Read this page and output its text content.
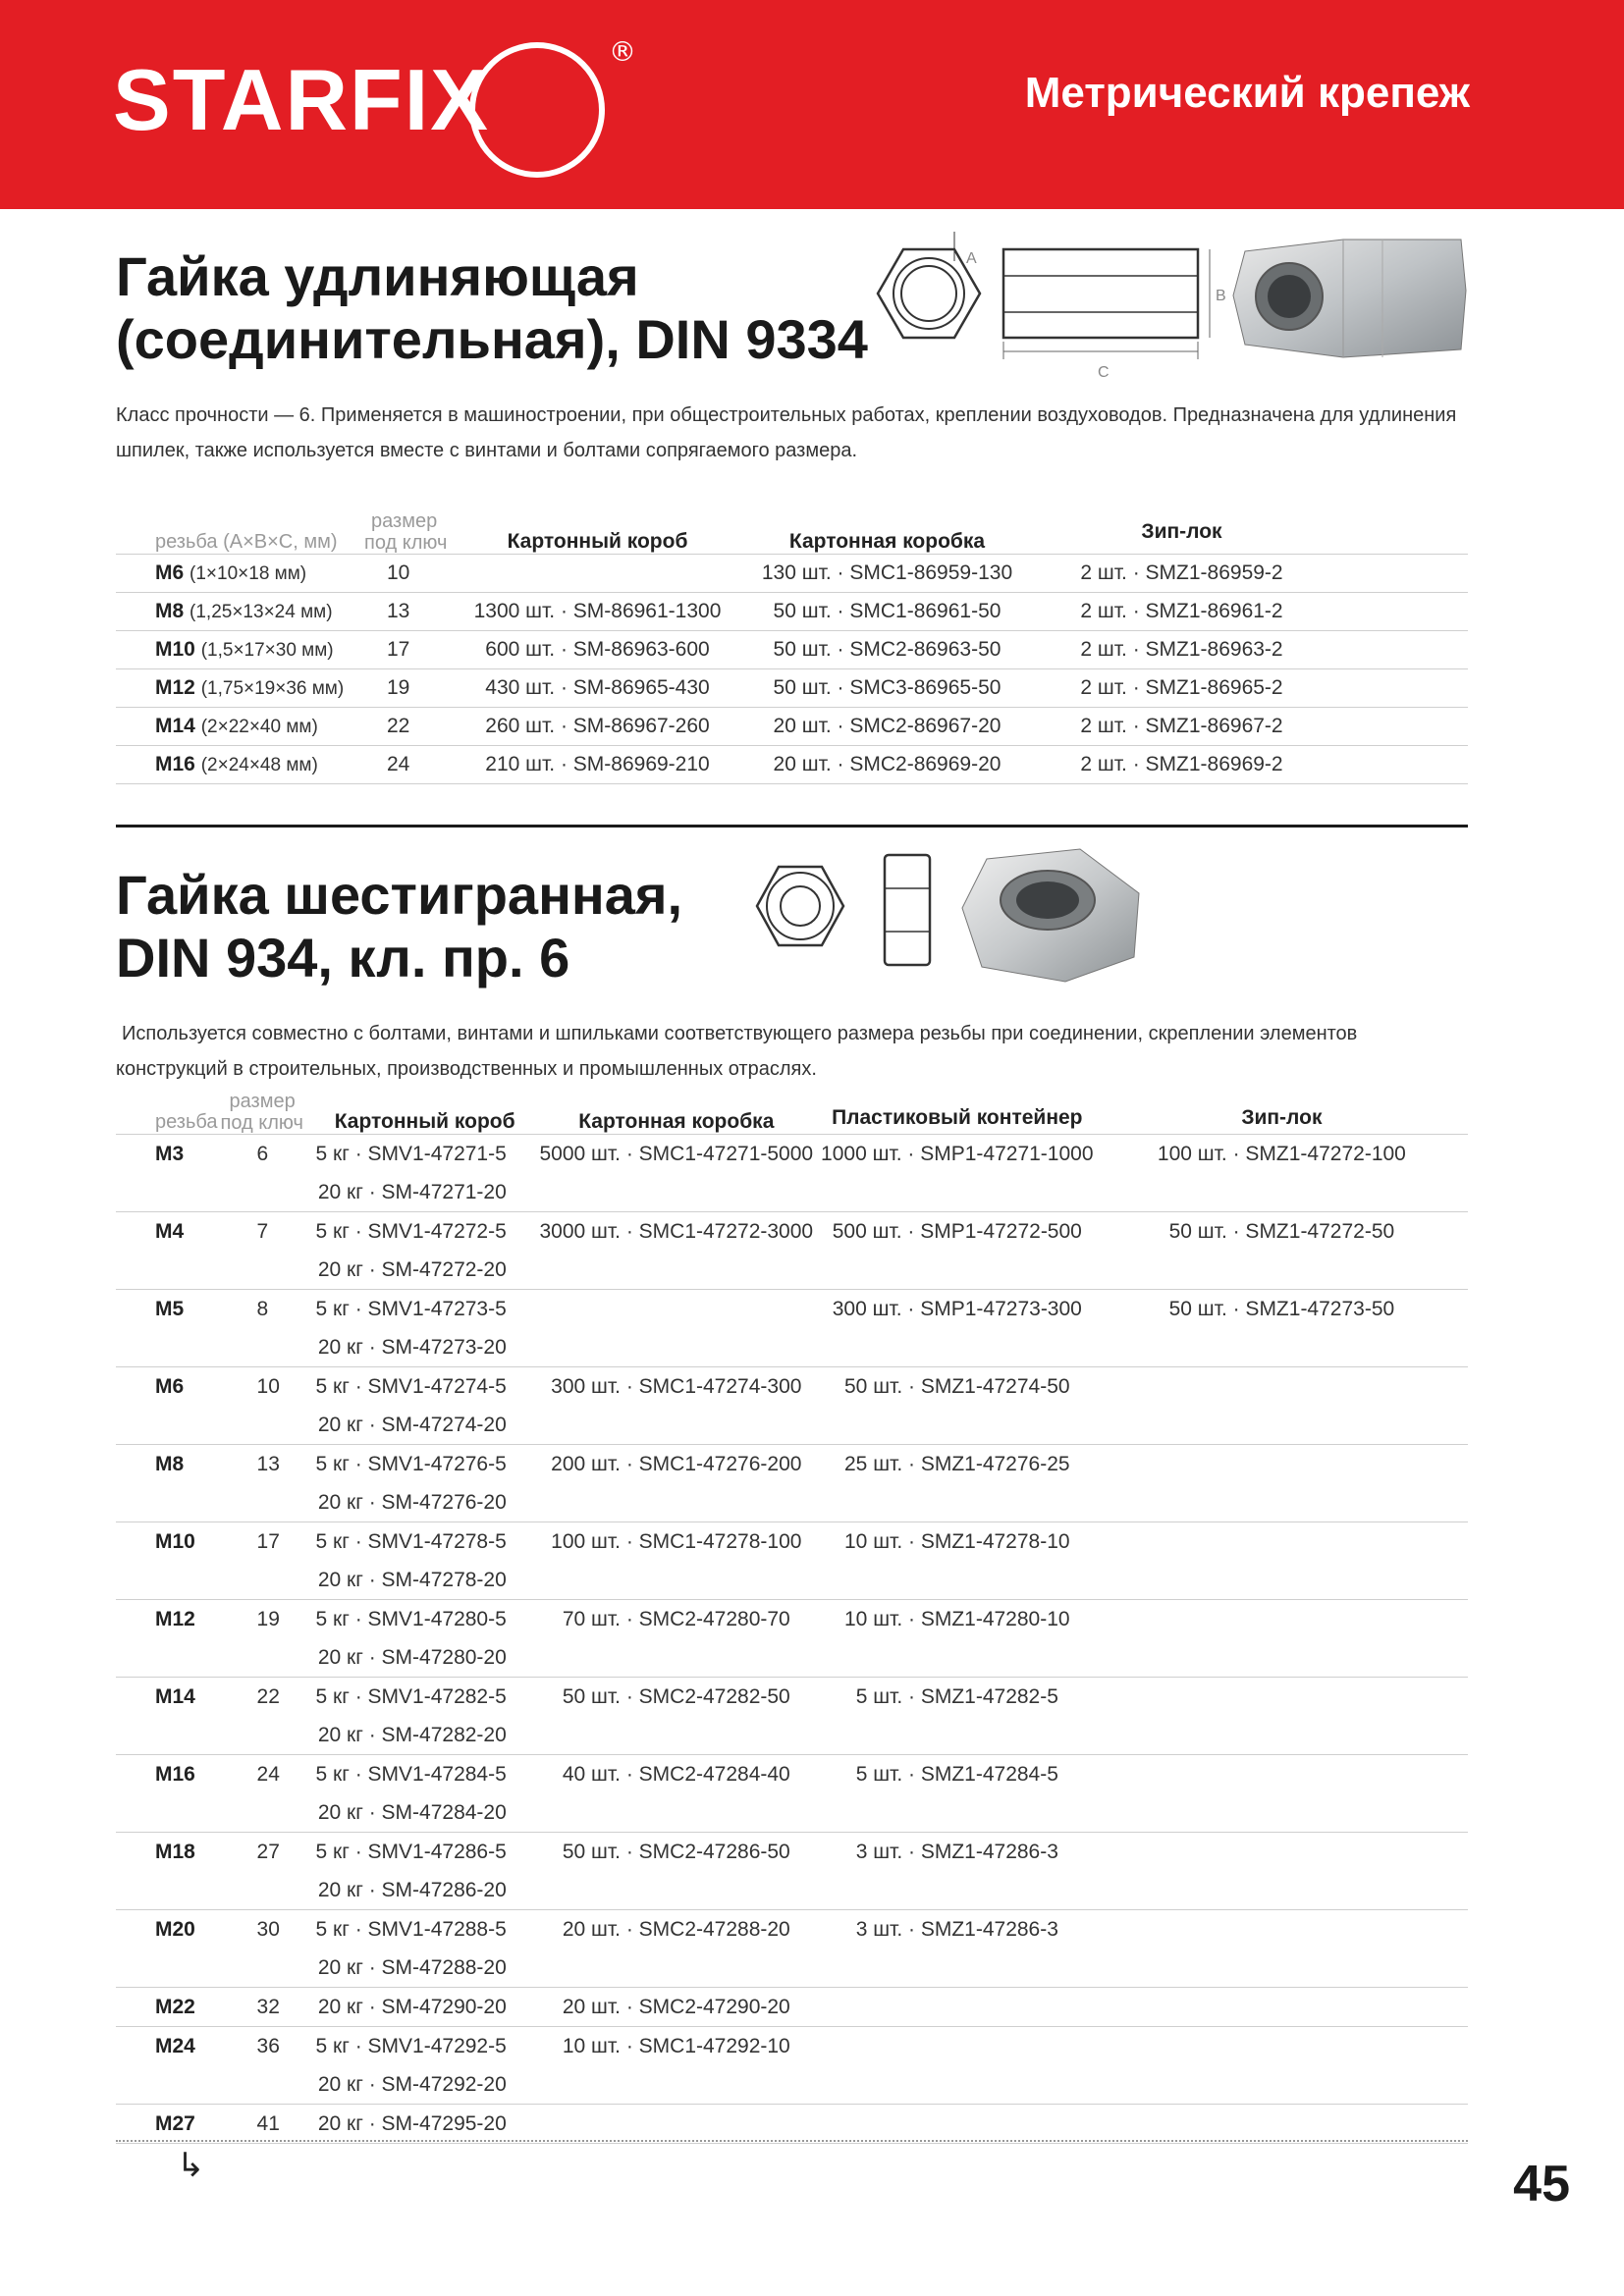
STARFIX	®
Метрический крепеж
Гайка удлиняющая
(соединительная), DIN 9334
A
B
C
Класс прочности — 6. Применяется в машиностроении, при общестроительных работах, креплении воздуховодов. Предназначена для удлинения
шпилек, также используется вместе с винтами и болтами сопрягаемого размера.
резьба (A×B×C, мм)	размер
под ключ	Картонный короб	Картонная коробка	Зип-лок	
M6 (1×10×18 мм)	10		130 шт. · SMC1-86959-130	2 шт. · SMZ1-86959-2	
M8 (1,25×13×24 мм)	13	1300 шт. · SM-86961-1300	50 шт. · SMC1-86961-50	2 шт. · SMZ1-86961-2	
M10 (1,5×17×30 мм)	17	600 шт. · SM-86963-600	50 шт. · SMC2-86963-50	2 шт. · SMZ1-86963-2	
M12 (1,75×19×36 мм)	19	430 шт. · SM-86965-430	50 шт. · SMC3-86965-50	2 шт. · SMZ1-86965-2	
M14 (2×22×40 мм)	22	260 шт. · SM-86967-260	20 шт. · SMC2-86967-20	2 шт. · SMZ1-86967-2	
M16 (2×24×48 мм)	24	210 шт. · SM-86969-210	20 шт. · SMC2-86969-20	2 шт. · SMZ1-86969-2	
Гайка шестигранная,
DIN 934, кл. пр. 6
Используется совместно с болтами, винтами и шпильками соответствующего размера резьбы при соединении, скреплении элементов
конструкций в строительных, производственных и промышленных отраслях.
резьба	размер
под ключ	Картонный короб	Картонная коробка	Пластиковый контейнер	Зип-лок
M3	6	5 кг · SMV1-47271-5	5000 шт. · SMC1-47271-5000	1000 шт. · SMP1-47271-1000	100 шт. · SMZ1-47272-100
		20 кг · SM-47271-20			
M4	7	5 кг · SMV1-47272-5	3000 шт. · SMC1-47272-3000	500 шт. · SMP1-47272-500	50 шт. · SMZ1-47272-50
		20 кг · SM-47272-20			
M5	8	5 кг · SMV1-47273-5		300 шт. · SMP1-47273-300	50 шт. · SMZ1-47273-50
		20 кг · SM-47273-20			
M6	10	5 кг · SMV1-47274-5	300 шт. · SMC1-47274-300	50 шт. · SMZ1-47274-50	
		20 кг · SM-47274-20			
M8	13	5 кг · SMV1-47276-5	200 шт. · SMC1-47276-200	25 шт. · SMZ1-47276-25	
		20 кг · SM-47276-20			
M10	17	5 кг · SMV1-47278-5	100 шт. · SMC1-47278-100	10 шт. · SMZ1-47278-10	
		20 кг · SM-47278-20			
M12	19	5 кг · SMV1-47280-5	70 шт. · SMC2-47280-70	10 шт. · SMZ1-47280-10	
		20 кг · SM-47280-20			
M14	22	5 кг · SMV1-47282-5	50 шт. · SMC2-47282-50	5 шт. · SMZ1-47282-5	
		20 кг · SM-47282-20			
M16	24	5 кг · SMV1-47284-5	40 шт. · SMC2-47284-40	5 шт. · SMZ1-47284-5	
		20 кг · SM-47284-20			
M18	27	5 кг · SMV1-47286-5	50 шт. · SMC2-47286-50	3 шт. · SMZ1-47286-3	
		20 кг · SM-47286-20			
M20	30	5 кг · SMV1-47288-5	20 шт. · SMC2-47288-20	3 шт. · SMZ1-47286-3	
		20 кг · SM-47288-20			
M22	32	20 кг · SM-47290-20	20 шт. · SMC2-47290-20		
M24	36	5 кг · SMV1-47292-5	10 шт. · SMC1-47292-10		
		20 кг · SM-47292-20			
M27	41	20 кг · SM-47295-20			
↳	45
